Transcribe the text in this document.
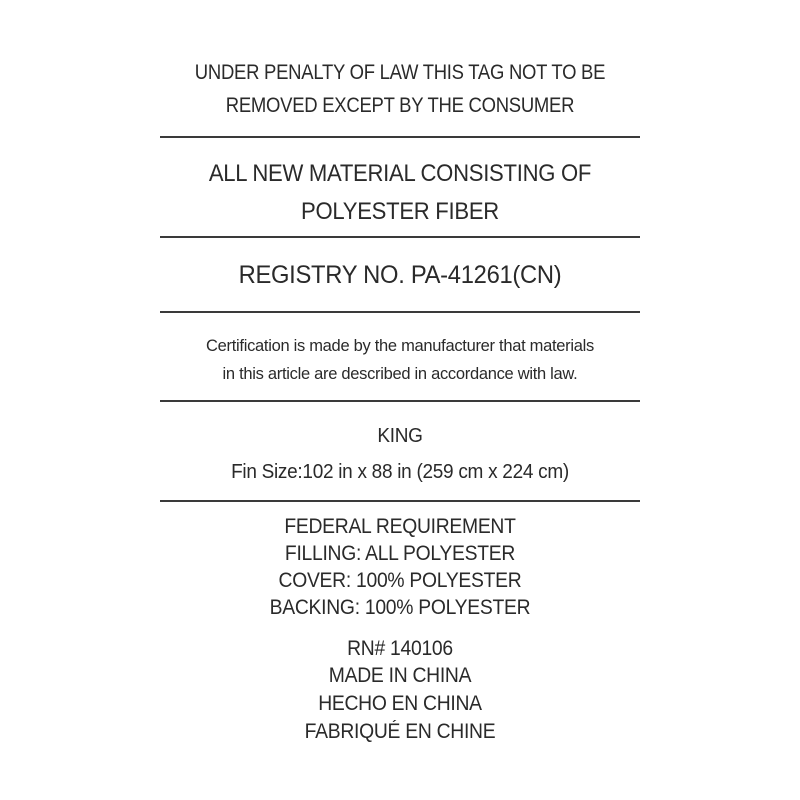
UNDER PENALTY OF LAW THIS TAG NOT TO BE

REMOVED EXCEPT BY THE CONSUMER

ALL NEW MATERIAL CONSISTING OF

POLYESTER FIBER

REGISTRY NO. PA-41261(CN)

Certification is made by the manufacturer that materials

in this article are described in accordance with law.

KING

Fin Size:102 in x 88 in (259 cm x 224 cm)

FEDERAL REQUIREMENT

FILLING: ALL POLYESTER

COVER: 100% POLYESTER

BACKING: 100% POLYESTER

RN# 140106

MADE IN CHINA

HECHO EN CHINA

FABRIQUÉ EN CHINE
